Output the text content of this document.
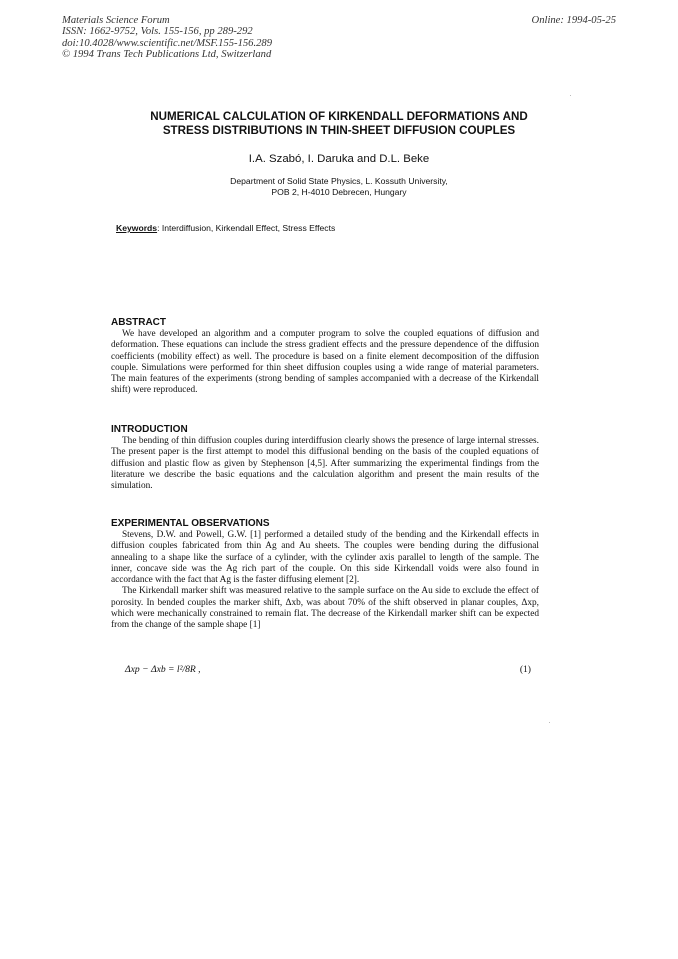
Materials Science Forum
ISSN: 1662-9752, Vols. 155-156, pp 289-292
doi:10.4028/www.scientific.net/MSF.155-156.289
© 1994 Trans Tech Publications Ltd, Switzerland
Online: 1994-05-25
NUMERICAL CALCULATION OF KIRKENDALL DEFORMATIONS AND
STRESS DISTRIBUTIONS IN THIN-SHEET DIFFUSION COUPLES
I.A. Szabó, I. Daruka and D.L. Beke
Department of Solid State Physics, L. Kossuth University,
POB 2, H-4010 Debrecen, Hungary
Keywords: Interdiffusion, Kirkendall Effect, Stress Effects
ABSTRACT
We have developed an algorithm and a computer program to solve the coupled equations of diffusion and deformation. These equations can include the stress gradient effects and the pressure dependence of the diffusion coefficients (mobility effect) as well. The procedure is based on a finite element decomposition of the diffusion couple. Simulations were performed for thin sheet diffusion couples using a wide range of material parameters. The main features of the experiments (strong bending of samples accompanied with a decrease of the Kirkendall shift) were reproduced.
INTRODUCTION
The bending of thin diffusion couples during interdiffusion clearly shows the presence of large internal stresses. The present paper is the first attempt to model this diffusional bending on the basis of the coupled equations of diffusion and plastic flow as given by Stephenson [4,5]. After summarizing the experimental findings from the literature we describe the basic equations and the calculation algorithm and present the main results of the simulation.
EXPERIMENTAL OBSERVATIONS
Stevens, D.W. and Powell, G.W. [1] performed a detailed study of the bending and the Kirkendall effects in diffusion couples fabricated from thin Ag and Au sheets. The couples were bending during the diffusional annealing to a shape like the surface of a cylinder, with the cylinder axis parallel to length of the sample. The inner, concave side was the Ag rich part of the couple. On this side Kirkendall voids were also found in accordance with the fact that Ag is the faster diffusing element [2].
The Kirkendall marker shift was measured relative to the sample surface on the Au side to exclude the effect of porosity. In bended couples the marker shift, Δxb, was about 70% of the shift observed in planar couples, Δxp, which were mechanically constrained to remain flat. The decrease of the Kirkendall marker shift can be expected from the change of the sample shape [1]
Δxp − Δxb = l²/8R ,	(1)
